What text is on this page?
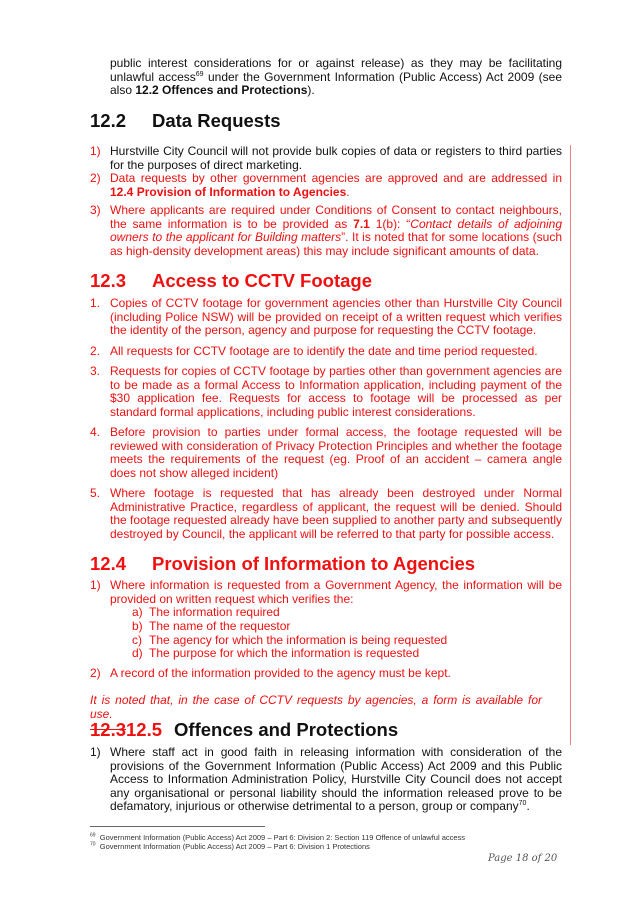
public interest considerations for or against release) as they may be facilitating unlawful access$^{69}$ under the Government Information (Public Access) Act 2009 (see also 12.2 Offences and Protections).
12.2 Data Requests
1) Hurstville City Council will not provide bulk copies of data or registers to third parties for the purposes of direct marketing.
2) Data requests by other government agencies are approved and are addressed in 12.4 Provision of Information to Agencies.
3) Where applicants are required under Conditions of Consent to contact neighbours, the same information is to be provided as 7.1 1(b): “Contact details of adjoining owners to the applicant for Building matters”. It is noted that for some locations (such as high-density development areas) this may include significant amounts of data.
12.3 Access to CCTV Footage
1. Copies of CCTV footage for government agencies other than Hurstville City Council (including Police NSW) will be provided on receipt of a written request which verifies the identity of the person, agency and purpose for requesting the CCTV footage.
2. All requests for CCTV footage are to identify the date and time period requested.
3. Requests for copies of CCTV footage by parties other than government agencies are to be made as a formal Access to Information application, including payment of the $30 application fee. Requests for access to footage will be processed as per standard formal applications, including public interest considerations.
4. Before provision to parties under formal access, the footage requested will be reviewed with consideration of Privacy Protection Principles and whether the footage meets the requirements of the request (eg. Proof of an accident – camera angle does not show alleged incident)
5. Where footage is requested that has already been destroyed under Normal Administrative Practice, regardless of applicant, the request will be denied. Should the footage requested already have been supplied to another party and subsequently destroyed by Council, the applicant will be referred to that party for possible access.
12.4 Provision of Information to Agencies
1) Where information is requested from a Government Agency, the information will be provided on written request which verifies the:
a) The information required
b) The name of the requestor
c) The agency for which the information is being requested
d) The purpose for which the information is requested
2) A record of the information provided to the agency must be kept.
It is noted that, in the case of CCTV requests by agencies, a form is available for use.
12.312.5 Offences and Protections
1) Where staff act in good faith in releasing information with consideration of the provisions of the Government Information (Public Access) Act 2009 and this Public Access to Information Administration Policy, Hurstville City Council does not accept any organisational or personal liability should the information released prove to be defamatory, injurious or otherwise detrimental to a person, group or company$^{70}$.
$^{69}$ Government Information (Public Access) Act 2009 – Part 6: Division 2: Section 119 Offence of unlawful access
$^{70}$ Government Information (Public Access) Act 2009 – Part 6: Division 1 Protections
Page 18 of 20
